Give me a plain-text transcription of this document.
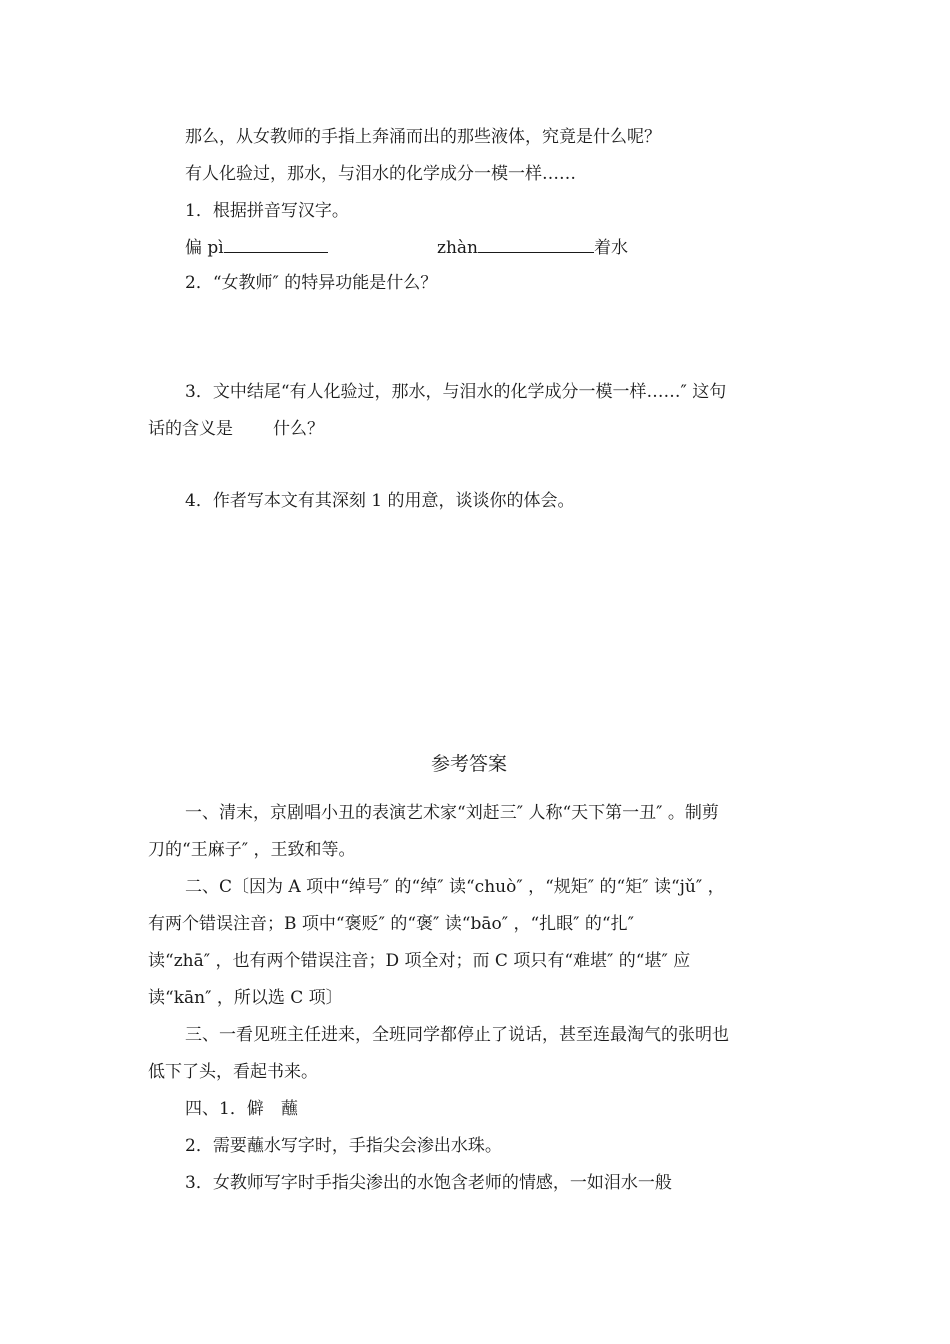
那么，从女教师的手指上奔涌而出的那些液体，究竟是什么呢？
有人化验过，那水，与泪水的化学成分一模一样……
1．根据拼音写汉字。
偏 pì	zhàn	着水
2．“女教师″ 的特异功能是什么？
3．文中结尾“有人化验过，那水，与泪水的化学成分一模一样……″ 这句
话的含义是 什么？
4．作者写本文有其深刻 1 的用意，谈谈你的体会。
参考答案
一、清末，京剧唱小丑的表演艺术家“刘赶三″ 人称“天下第一丑″ 。制剪
刀的“王麻子″ ，王致和等。
二、C〔因为 A 项中“绰号″ 的“绰″ 读“chuò″ ，“规矩″ 的“矩″ 读“jǔ″ ，
有两个错误注音；B 项中“褒贬″ 的“褒″ 读“bāo″ ，“扎眼″ 的“扎″
读“zhā″ ，也有两个错误注音；D 项全对；而 C 项只有“难堪″ 的“堪″ 应
读“kān″ ，所以选 C 项〕
三、一看见班主任进来，全班同学都停止了说话，甚至连最淘气的张明也
低下了头，看起书来。
四、1．僻　蘸
2．需要蘸水写字时，手指尖会渗出水珠。
3．女教师写字时手指尖渗出的水饱含老师的情感，一如泪水一般
